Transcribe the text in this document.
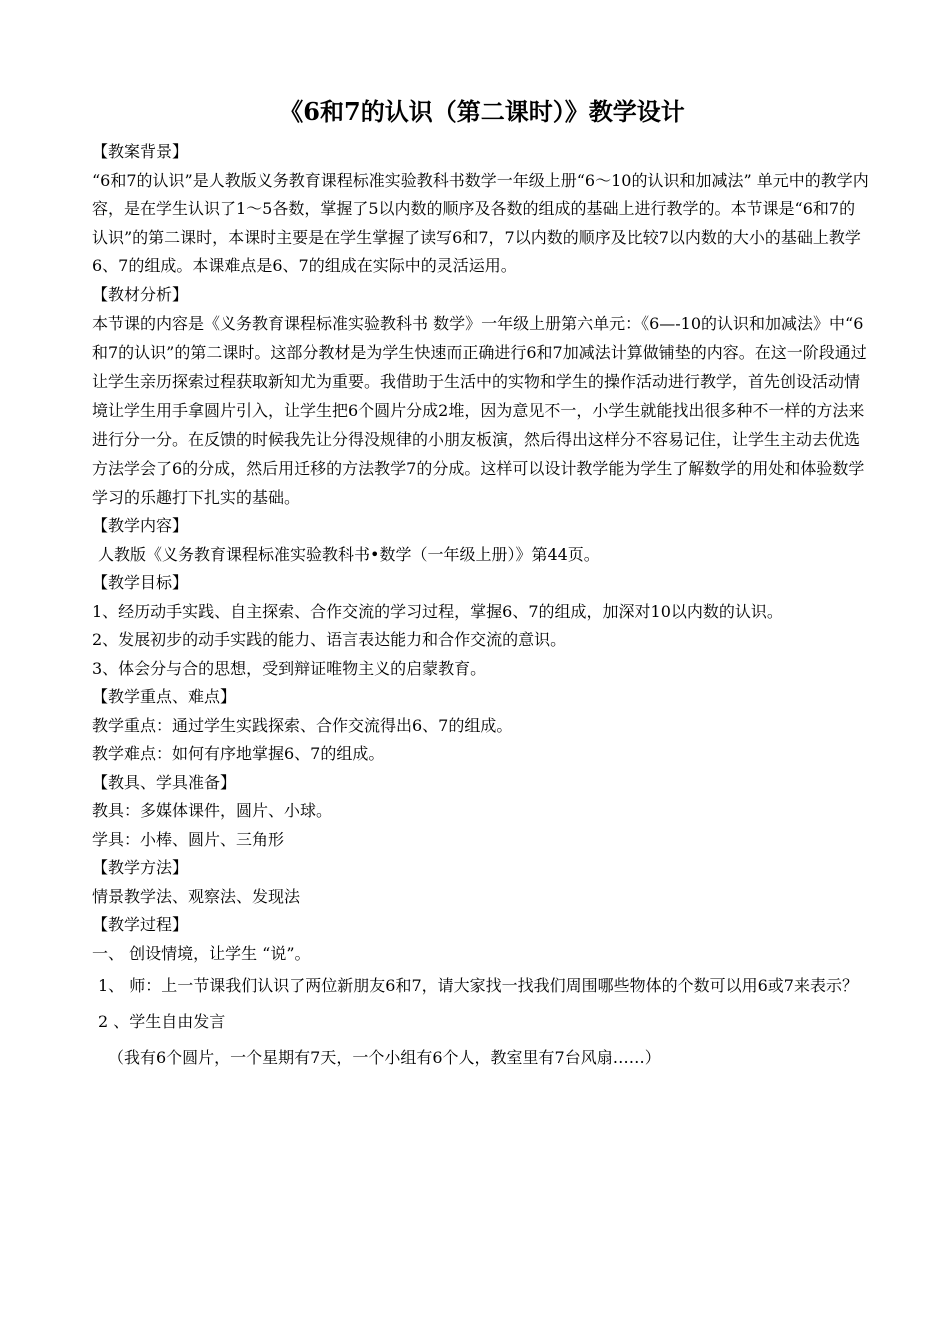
《6和7的认识（第二课时）》教学设计

【教案背景】

“6和7的认识”是人教版义务教育课程标准实验教科书数学一年级上册“6～10的认识和加减法” 单元中的教学内容，是在学生认识了1～5各数，掌握了5以内数的顺序及各数的组成的基础上进行教学的。本节课是“6和7的认识”的第二课时，本课时主要是在学生掌握了读写6和7，7以内数的顺序及比较7以内数的大小的基础上教学6、7的组成。本课难点是6、7的组成在实际中的灵活运用。

【教材分析】

本节课的内容是《义务教育课程标准实验教科书 数学》一年级上册第六单元：《6—-10的认识和加减法》中“6和7的认识”的第二课时。这部分教材是为学生快速而正确进行6和7加减法计算做铺垫的内容。在这一阶段通过让学生亲历探索过程获取新知尤为重要。我借助于生活中的实物和学生的操作活动进行教学，首先创设活动情境让学生用手拿圆片引入，让学生把6个圆片分成2堆，因为意见不一，小学生就能找出很多种不一样的方法来进行分一分。在反馈的时候我先让分得没规律的小朋友板演，然后得出这样分不容易记住，让学生主动去优选方法学会了6的分成，然后用迁移的方法教学7的分成。这样可以设计教学能为学生了解数学的用处和体验数学学习的乐趣打下扎实的基础。

【教学内容】

人教版《义务教育课程标准实验教科书•数学（一年级上册）》第44页。

【教学目标】

1、经历动手实践、自主探索、合作交流的学习过程，掌握6、7的组成，加深对10以内数的认识。

2、发展初步的动手实践的能力、语言表达能力和合作交流的意识。

3、体会分与合的思想，受到辩证唯物主义的启蒙教育。

【教学重点、难点】

教学重点：通过学生实践探索、合作交流得出6、7的组成。

教学难点：如何有序地掌握6、7的组成。

【教具、学具准备】

教具：多媒体课件，圆片、小球。

学具：小棒、圆片、三角形

【教学方法】

情景教学法、观察法、发现法

【教学过程】

一、 创设情境，让学生 “说”。

1、 师：上一节课我们认识了两位新朋友6和7，请大家找一找我们周围哪些物体的个数可以用6或7来表示？

2 、学生自由发言

（我有6个圆片，一个星期有7天，一个小组有6个人，教室里有7台风扇……）
